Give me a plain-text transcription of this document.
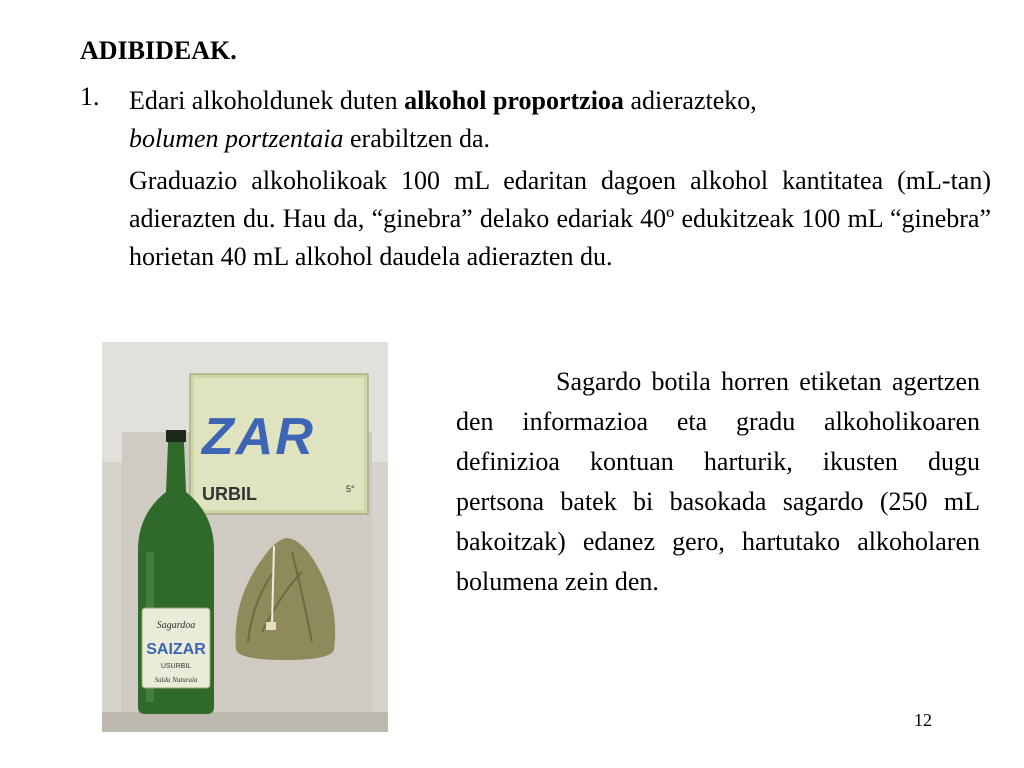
ADIBIDEAK.
1. Edari alkoholdunek duten alkohol proportzioa adierazteko,
bolumen portzentaia erabiltzen da.
Graduazio alkoholikoak 100 mL edaritan dagoen alkohol kantitatea (mL-tan) adierazten du. Hau da, “ginebra” delako edariak 40º edukitzeak 100 mL “ginebra” horietan 40 mL alkohol daudela adierazten du.
ZAR
URBIL	5°
Sagardoa
SAIZAR
USURBIL
Saldu Naturala
Sagardo botila horren etiketan agertzen den informazioa eta gradu alkoholikoaren definizioa kontuan harturik, ikusten dugu pertsona batek bi basokada sagardo (250 mL bakoitzak) edanez gero, hartutako alkoholaren bolumena zein den.
12
